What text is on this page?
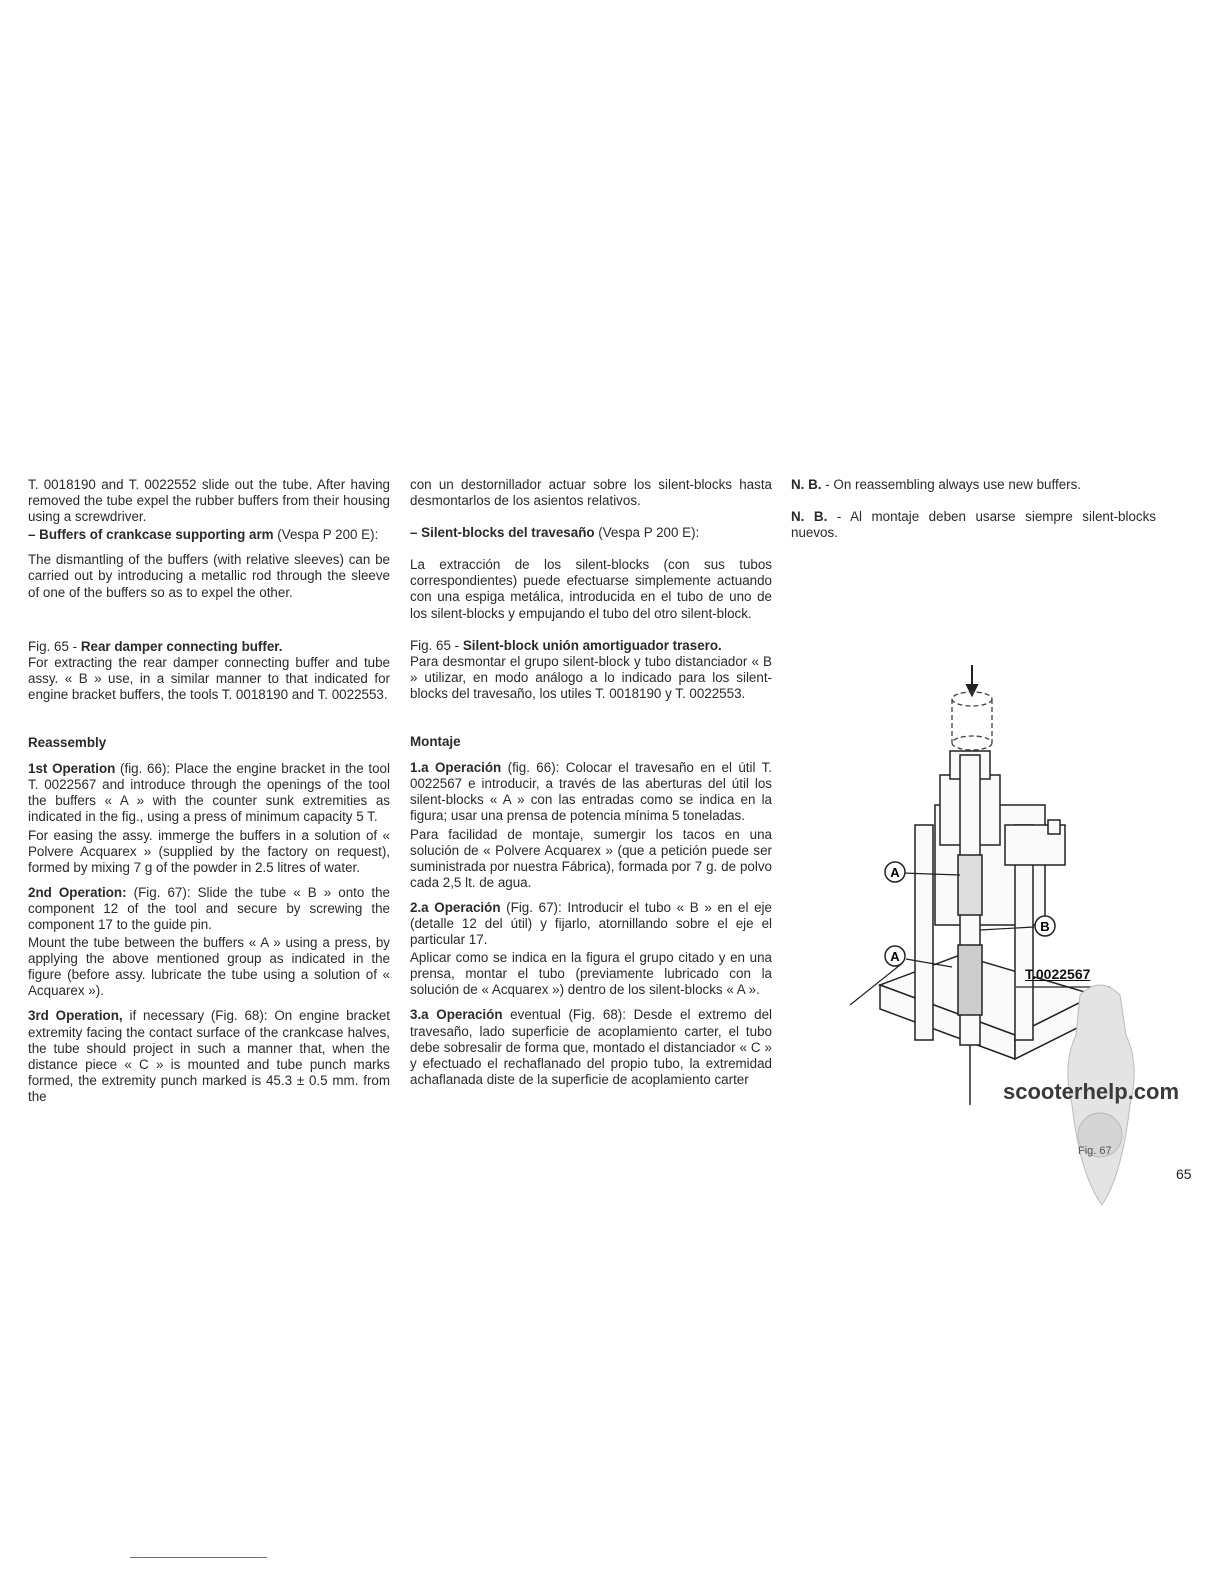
T. 0018190 and T. 0022552 slide out the tube. After having removed the tube expel the rubber buffers from their housing using a screwdriver.

– Buffers of crankcase supporting arm (Vespa P 200 E):

The dismantling of the buffers (with relative sleeves) can be carried out by introducing a metallic rod through the sleeve of one of the buffers so as to expel the other.

Fig. 65 - Rear damper connecting buffer.

For extracting the rear damper connecting buffer and tube assy. « B » use, in a similar manner to that indicated for engine bracket buffers, the tools T. 0018190 and T. 0022553.

Reassembly

1st Operation (fig. 66): Place the engine bracket in the tool T. 0022567 and introduce through the openings of the tool the buffers « A » with the counter sunk extremities as indicated in the fig., using a press of minimum capacity 5 T.

For easing the assy. immerge the buffers in a solution of « Polvere Acquarex » (supplied by the factory on request), formed by mixing 7 g of the powder in 2.5 litres of water.

2nd Operation: (Fig. 67): Slide the tube « B » onto the component 12 of the tool and secure by screwing the component 17 to the guide pin.

Mount the tube between the buffers « A » using a press, by applying the above mentioned group as indicated in the figure (before assy. lubricate the tube using a solution of « Acquarex »).

3rd Operation, if necessary (Fig. 68): On engine bracket extremity facing the contact surface of the crankcase halves, the tube should project in such a manner that, when the distance piece « C » is mounted and tube punch marks formed, the extremity punch marked is 45.3 ± 0.5 mm. from the

con un destornillador actuar sobre los silent-blocks hasta desmontarlos de los asientos relativos.

– Silent-blocks del travesaño (Vespa P 200 E):

La extracción de los silent-blocks (con sus tubos correspondientes) puede efectuarse simplemente actuando con una espiga metálica, introducida en el tubo de uno de los silent-blocks y empujando el tubo del otro silent-block.

Fig. 65 - Silent-block unión amortiguador trasero.

Para desmontar el grupo silent-block y tubo distanciador « B » utilizar, en modo análogo a lo indicado para los silent-blocks del travesaño, los utiles T. 0018190 y T. 0022553.

Montaje

1.a Operación (fig. 66): Colocar el travesaño en el útil T. 0022567 e introducir, a través de las aberturas del útil los silent-blocks « A » con las entradas como se indica en la figura; usar una prensa de potencia mínima 5 toneladas.

Para facilidad de montaje, sumergir los tacos en una solución de « Polvere Acquarex » (que a petición puede ser suministrada por nuestra Fábrica), formada por 7 g. de polvo cada 2,5 lt. de agua.

2.a Operación (Fig. 67): Introducir el tubo « B » en el eje (detalle 12 del útil) y fijarlo, atornillando sobre el eje el particular 17.

Aplicar como se indica en la figura el grupo citado y en una prensa, montar el tubo (previamente lubricado con la solución de « Acquarex ») dentro de los silent-blocks « A ».

3.a Operación eventual (Fig. 68): Desde el extremo del travesaño, lado superficie de acoplamiento carter, el tubo debe sobresalir de forma que, montado el distanciador « C » y efectuado el rechaflanado del propio tubo, la extremidad achaflanada diste de la superficie de acoplamiento carter

N. B. - On reassembling always use new buffers.

N. B. - Al montaje deben usarse siempre silent-blocks nuevos.

A
A
B
T.0022567
scooterhelp.com
Fig. 67
65
